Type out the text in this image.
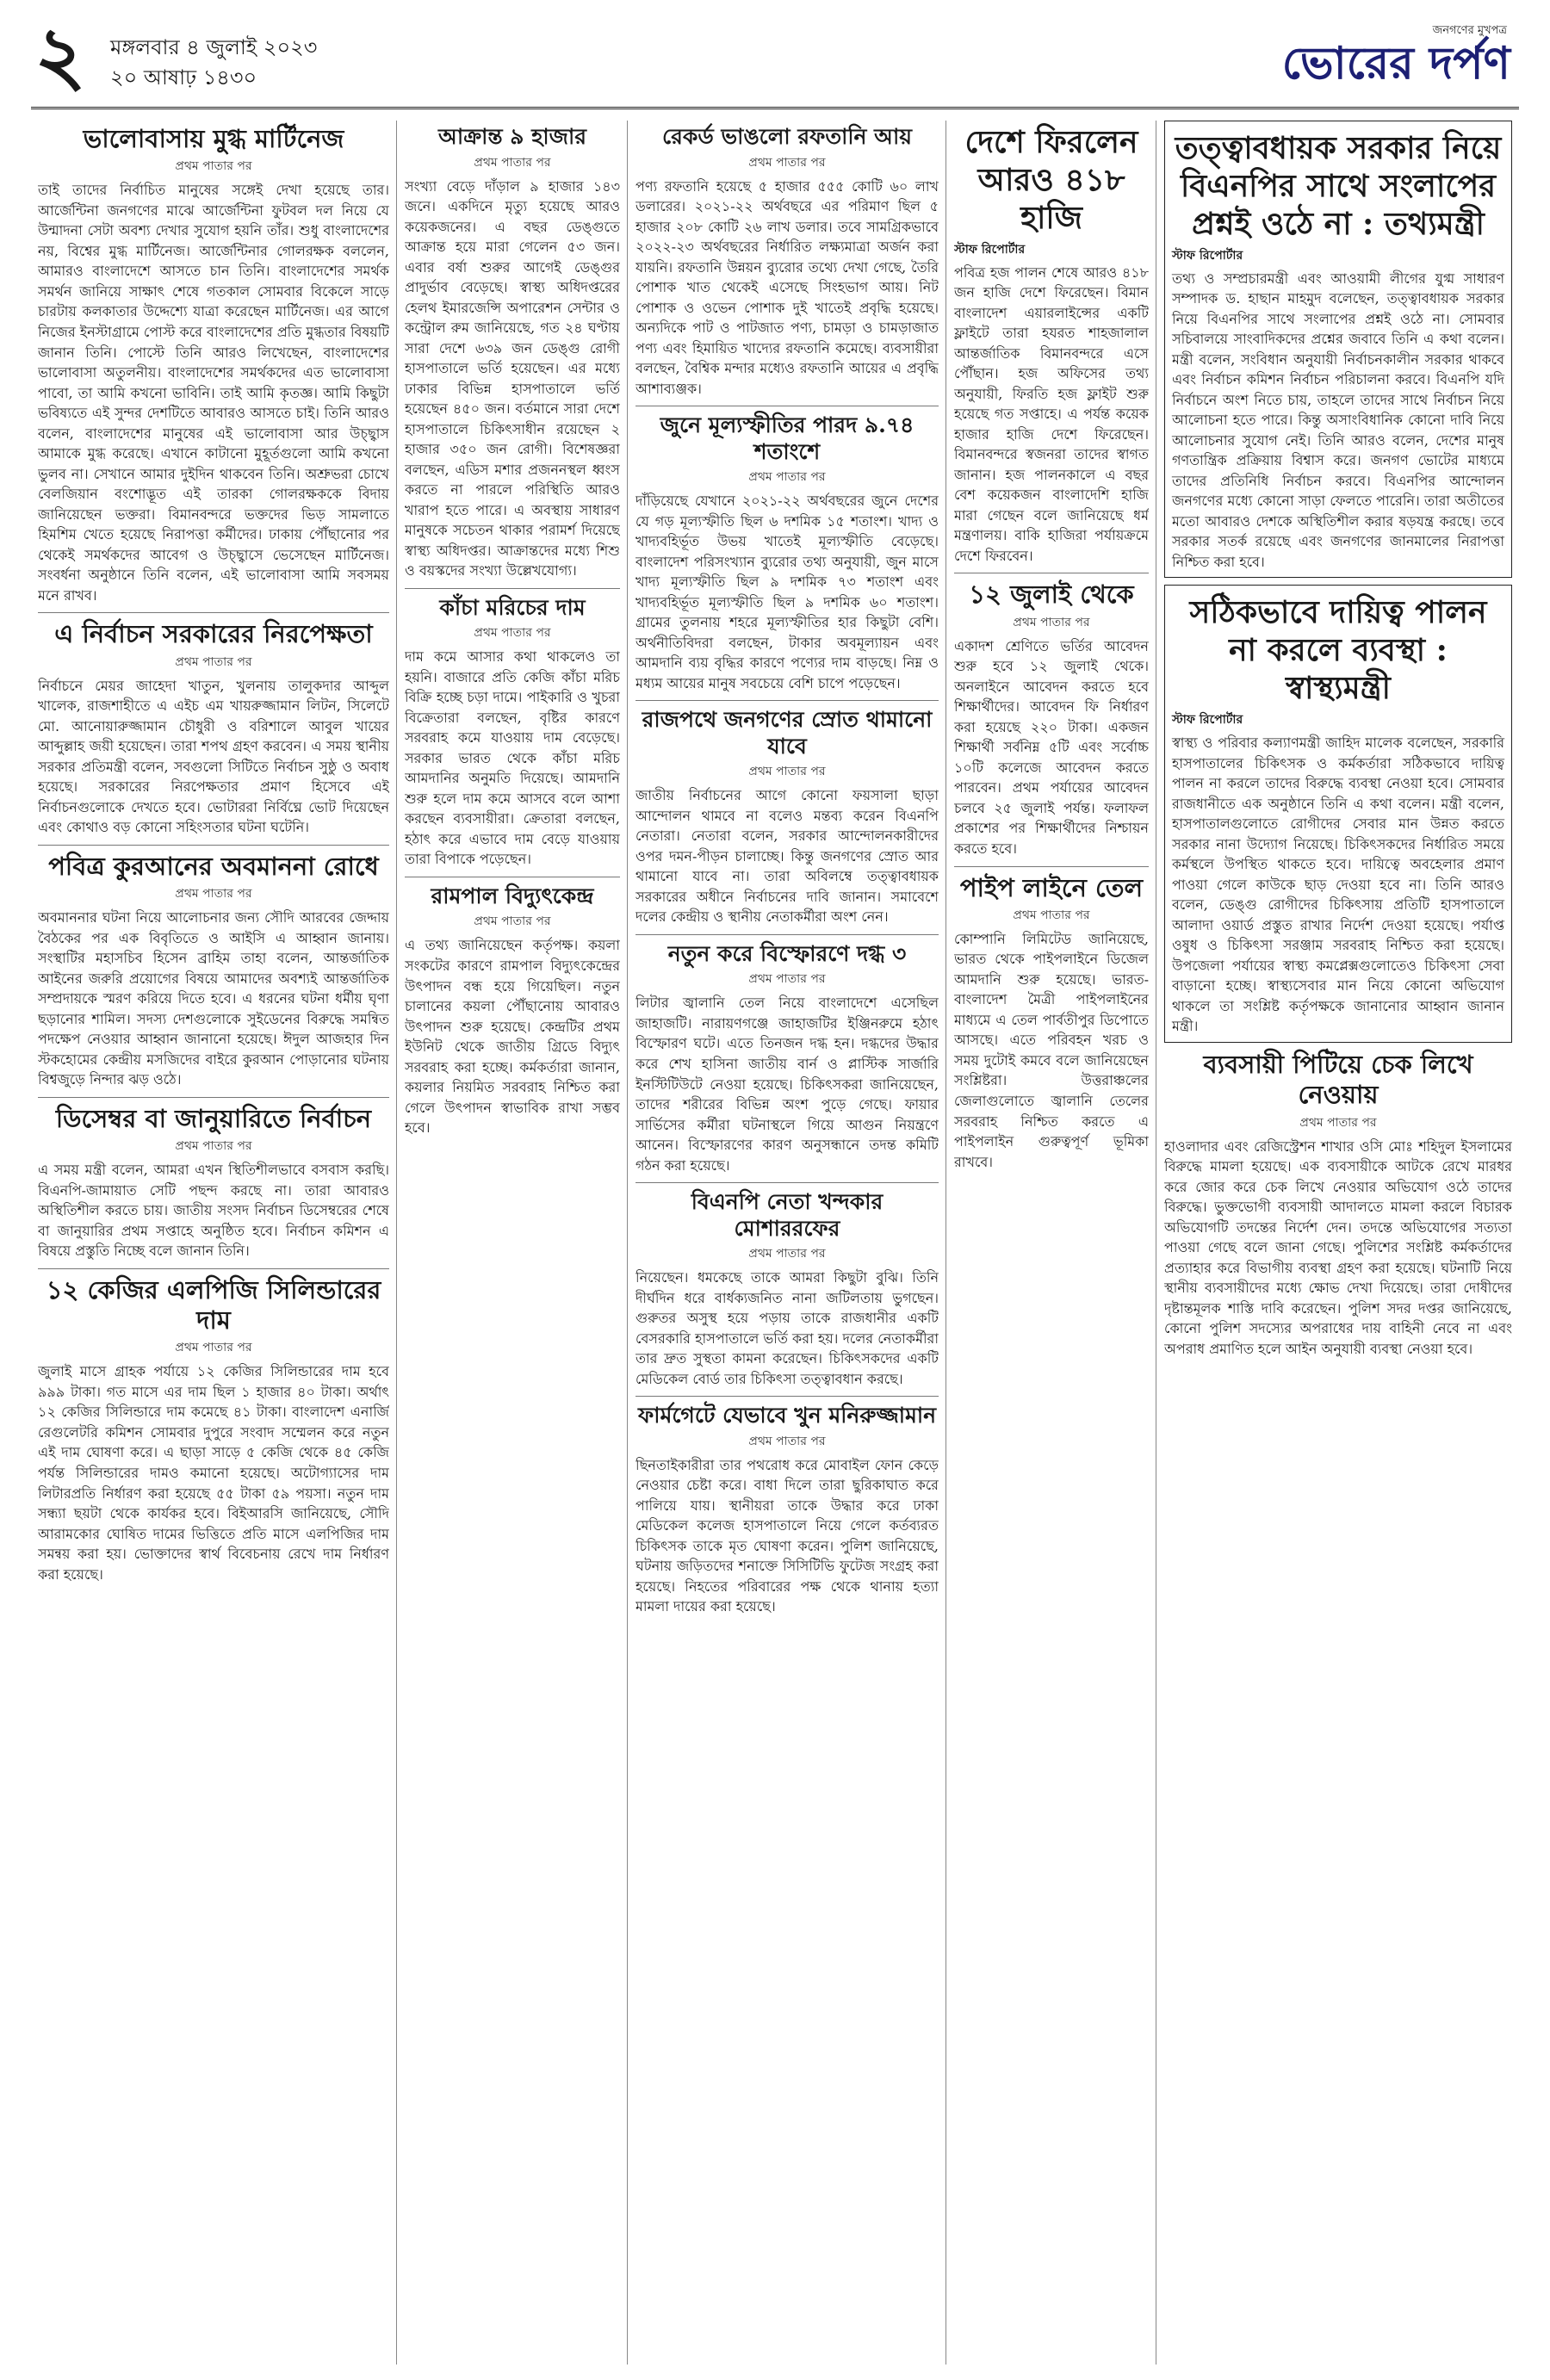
২ মঙ্গলবার ৪ জুলাই ২০২৩
২০ আষাঢ় ১৪৩০
জনগণের মুখপত্র
ভোরের দর্পণ
ভালোবাসায় মুগ্ধ মার্টিনেজ
প্রথম পাতার পর

তাই তাদের নির্বাচিত মানুষের সঙ্গেই দেখা হয়েছে তার। আর্জেন্টিনা জনগণের মাঝে আর্জেন্টিনা ফুটবল দল নিয়ে যে উন্মাদনা সেটা অবশ্য দেখার সুযোগ হয়নি তাঁর। শুধু বাংলাদেশের নয়, বিশ্বের মুগ্ধ মার্টিনেজ। আর্জেন্টিনার গোলরক্ষক বললেন, আমারও বাংলাদেশে আসতে চান তিনি। বাংলাদেশের সমর্থক সমর্থন জানিয়ে সাক্ষাৎ শেষে গতকাল সোমবার বিকেলে সাড়ে চারটায় কলকাতার উদ্দেশ্যে যাত্রা করেছেন মার্টিনেজ। এর আগে নিজের ইনস্টাগ্রামে পোস্ট করে বাংলাদেশের প্রতি মুগ্ধতার বিষয়টি জানান তিনি। পোস্টে তিনি আরও লিখেছেন, বাংলাদেশের ভালোবাসা অতুলনীয়। বাংলাদেশের সমর্থকদের এত ভালোবাসা পাবো, তা আমি কখনো ভাবিনি। তাই আমি কৃতজ্ঞ। আমি কিছুটা ভবিষ্যতে এই সুন্দর দেশটিতে আবারও আসতে চাই। তিনি আরও বলেন, বাংলাদেশের মানুষের এই ভালোবাসা আর উচ্ছ্বাস আমাকে মুগ্ধ করেছে। এখানে কাটানো মুহূর্তগুলো আমি কখনো ভুলব না। সেখানে আমার দুইদিন থাকবেন তিনি। অশ্রুভরা চোখে বেলজিয়ান বংশোদ্ভূত এই তারকা গোলরক্ষককে বিদায় জানিয়েছেন ভক্তরা। বিমানবন্দরে ভক্তদের ভিড় সামলাতে হিমশিম খেতে হয়েছে নিরাপত্তা কর্মীদের। ঢাকায় পৌঁছানোর পর থেকেই সমর্থকদের আবেগ ও উচ্ছ্বাসে ভেসেছেন মার্টিনেজ। সংবর্ধনা অনুষ্ঠানে তিনি বলেন, এই ভালোবাসা আমি সবসময় মনে রাখব।

এ নির্বাচন সরকারের নিরপেক্ষতা
প্রথম পাতার পর

নির্বাচনে মেয়র জাহেদা খাতুন, খুলনায় তালুকদার আব্দুল খালেক, রাজশাহীতে এ এইচ এম খায়রুজ্জামান লিটন, সিলেটে মো. আনোয়ারুজ্জামান চৌধুরী ও বরিশালে আবুল খায়ের আব্দুল্লাহ জয়ী হয়েছেন। তারা শপথ গ্রহণ করবেন। এ সময় স্থানীয় সরকার প্রতিমন্ত্রী বলেন, সবগুলো সিটিতে নির্বাচন সুষ্ঠু ও অবাধ হয়েছে। সরকারের নিরপেক্ষতার প্রমাণ হিসেবে এই নির্বাচনগুলোকে দেখতে হবে। ভোটাররা নির্বিঘ্নে ভোট দিয়েছেন এবং কোথাও বড় কোনো সহিংসতার ঘটনা ঘটেনি।

পবিত্র কুরআনের অবমাননা রোধে
প্রথম পাতার পর

অবমাননার ঘটনা নিয়ে আলোচনার জন্য সৌদি আরবের জেদ্দায় বৈঠকের পর এক বিবৃতিতে ও আইসি এ আহ্বান জানায়। সংস্থাটির মহাসচিব হিসেন ব্রাহিম তাহা বলেন, আন্তর্জাতিক আইনের জরুরি প্রয়োগের বিষয়ে আমাদের অবশ্যই আন্তর্জাতিক সম্প্রদায়কে স্মরণ করিয়ে দিতে হবে। এ ধরনের ঘটনা ধর্মীয় ঘৃণা ছড়ানোর শামিল। সদস্য দেশগুলোকে সুইডেনের বিরুদ্ধে সমন্বিত পদক্ষেপ নেওয়ার আহ্বান জানানো হয়েছে। ঈদুল আজহার দিন স্টকহোমের কেন্দ্রীয় মসজিদের বাইরে কুরআন পোড়ানোর ঘটনায় বিশ্বজুড়ে নিন্দার ঝড় ওঠে।

ডিসেম্বর বা জানুয়ারিতে নির্বাচন
প্রথম পাতার পর

এ সময় মন্ত্রী বলেন, আমরা এখন স্থিতিশীলভাবে বসবাস করছি। বিএনপি-জামায়াত সেটি পছন্দ করছে না। তারা আবারও অস্থিতিশীল করতে চায়। জাতীয় সংসদ নির্বাচন ডিসেম্বরের শেষে বা জানুয়ারির প্রথম সপ্তাহে অনুষ্ঠিত হবে। নির্বাচন কমিশন এ বিষয়ে প্রস্তুতি নিচ্ছে বলে জানান তিনি।

১২ কেজির এলপিজি সিলিন্ডারের দাম
প্রথম পাতার পর

জুলাই মাসে গ্রাহক পর্যায়ে ১২ কেজির সিলিন্ডারের দাম হবে ৯৯৯ টাকা। গত মাসে এর দাম ছিল ১ হাজার ৪০ টাকা। অর্থাৎ ১২ কেজির সিলিন্ডারে দাম কমেছে ৪১ টাকা। বাংলাদেশ এনার্জি রেগুলেটরি কমিশন সোমবার দুপুরে সংবাদ সম্মেলন করে নতুন এই দাম ঘোষণা করে। এ ছাড়া সাড়ে ৫ কেজি থেকে ৪৫ কেজি পর্যন্ত সিলিন্ডারের দামও কমানো হয়েছে। অটোগ্যাসের দাম লিটারপ্রতি নির্ধারণ করা হয়েছে ৫৫ টাকা ৫৯ পয়সা। নতুন দাম সন্ধ্যা ছয়টা থেকে কার্যকর হবে। বিইআরসি জানিয়েছে, সৌদি আরামকোর ঘোষিত দামের ভিত্তিতে প্রতি মাসে এলপিজির দাম সমন্বয় করা হয়। ভোক্তাদের স্বার্থ বিবেচনায় রেখে দাম নির্ধারণ করা হয়েছে।

আক্রান্ত ৯ হাজার
প্রথম পাতার পর

সংখ্যা বেড়ে দাঁড়াল ৯ হাজার ১৪৩ জনে। একদিনে মৃত্যু হয়েছে আরও কয়েকজনের। এ বছর ডেঙ্গুতে আক্রান্ত হয়ে মারা গেলেন ৫৩ জন। এবার বর্ষা শুরুর আগেই ডেঙ্গুর প্রাদুর্ভাব বেড়েছে। স্বাস্থ্য অধিদপ্তরের হেলথ ইমারজেন্সি অপারেশন সেন্টার ও কন্ট্রোল রুম জানিয়েছে, গত ২৪ ঘণ্টায় সারা দেশে ৬৩৯ জন ডেঙ্গু রোগী হাসপাতালে ভর্তি হয়েছেন। এর মধ্যে ঢাকার বিভিন্ন হাসপাতালে ভর্তি হয়েছেন ৪৫০ জন। বর্তমানে সারা দেশে হাসপাতালে চিকিৎসাধীন রয়েছেন ২ হাজার ৩৫০ জন রোগী। বিশেষজ্ঞরা বলছেন, এডিস মশার প্রজননস্থল ধ্বংস করতে না পারলে পরিস্থিতি আরও খারাপ হতে পারে। এ অবস্থায় সাধারণ মানুষকে সচেতন থাকার পরামর্শ দিয়েছে স্বাস্থ্য অধিদপ্তর। আক্রান্তদের মধ্যে শিশু ও বয়স্কদের সংখ্যা উল্লেখযোগ্য।

কাঁচা মরিচের দাম
প্রথম পাতার পর

দাম কমে আসার কথা থাকলেও তা হয়নি। বাজারে প্রতি কেজি কাঁচা মরিচ বিক্রি হচ্ছে চড়া দামে। পাইকারি ও খুচরা বিক্রেতারা বলছেন, বৃষ্টির কারণে সরবরাহ কমে যাওয়ায় দাম বেড়েছে। সরকার ভারত থেকে কাঁচা মরিচ আমদানির অনুমতি দিয়েছে। আমদানি শুরু হলে দাম কমে আসবে বলে আশা করছেন ব্যবসায়ীরা। ক্রেতারা বলছেন, হঠাৎ করে এভাবে দাম বেড়ে যাওয়ায় তারা বিপাকে পড়েছেন।

রামপাল বিদ্যুৎকেন্দ্র
প্রথম পাতার পর

এ তথ্য জানিয়েছেন কর্তৃপক্ষ। কয়লা সংকটের কারণে রামপাল বিদ্যুৎকেন্দ্রের উৎপাদন বন্ধ হয়ে গিয়েছিল। নতুন চালানের কয়লা পৌঁছানোয় আবারও উৎপাদন শুরু হয়েছে। কেন্দ্রটির প্রথম ইউনিট থেকে জাতীয় গ্রিডে বিদ্যুৎ সরবরাহ করা হচ্ছে। কর্মকর্তারা জানান, কয়লার নিয়মিত সরবরাহ নিশ্চিত করা গেলে উৎপাদন স্বাভাবিক রাখা সম্ভব হবে।

রেকর্ড ভাঙলো রফতানি আয়
প্রথম পাতার পর

পণ্য রফতানি হয়েছে ৫ হাজার ৫৫৫ কোটি ৬০ লাখ ডলারের। ২০২১-২২ অর্থবছরে এর পরিমাণ ছিল ৫ হাজার ২০৮ কোটি ২৬ লাখ ডলার। তবে সামগ্রিকভাবে ২০২২-২৩ অর্থবছরের নির্ধারিত লক্ষ্যমাত্রা অর্জন করা যায়নি। রফতানি উন্নয়ন ব্যুরোর তথ্যে দেখা গেছে, তৈরি পোশাক খাত থেকেই এসেছে সিংহভাগ আয়। নিট পোশাক ও ওভেন পোশাক দুই খাতেই প্রবৃদ্ধি হয়েছে। অন্যদিকে পাট ও পাটজাত পণ্য, চামড়া ও চামড়াজাত পণ্য এবং হিমায়িত খাদ্যের রফতানি কমেছে। ব্যবসায়ীরা বলছেন, বৈশ্বিক মন্দার মধ্যেও রফতানি আয়ের এ প্রবৃদ্ধি আশাব্যঞ্জক।

জুনে মূল্যস্ফীতির পারদ ৯.৭৪ শতাংশে
প্রথম পাতার পর

দাঁড়িয়েছে যেখানে ২০২১-২২ অর্থবছরের জুনে দেশের যে গড় মূল্যস্ফীতি ছিল ৬ দশমিক ১৫ শতাংশ। খাদ্য ও খাদ্যবহির্ভূত উভয় খাতেই মূল্যস্ফীতি বেড়েছে। বাংলাদেশ পরিসংখ্যান ব্যুরোর তথ্য অনুযায়ী, জুন মাসে খাদ্য মূল্যস্ফীতি ছিল ৯ দশমিক ৭৩ শতাংশ এবং খাদ্যবহির্ভূত মূল্যস্ফীতি ছিল ৯ দশমিক ৬০ শতাংশ। গ্রামের তুলনায় শহরে মূল্যস্ফীতির হার কিছুটা বেশি। অর্থনীতিবিদরা বলছেন, টাকার অবমূল্যায়ন এবং আমদানি ব্যয় বৃদ্ধির কারণে পণ্যের দাম বাড়ছে। নিম্ন ও মধ্যম আয়ের মানুষ সবচেয়ে বেশি চাপে পড়েছেন।

রাজপথে জনগণের স্রোত থামানো যাবে
প্রথম পাতার পর

জাতীয় নির্বাচনের আগে কোনো ফয়সালা ছাড়া আন্দোলন থামবে না বলেও মন্তব্য করেন বিএনপি নেতারা। নেতারা বলেন, সরকার আন্দোলনকারীদের ওপর দমন-পীড়ন চালাচ্ছে। কিন্তু জনগণের স্রোত আর থামানো যাবে না। তারা অবিলম্বে তত্ত্বাবধায়ক সরকারের অধীনে নির্বাচনের দাবি জানান। সমাবেশে দলের কেন্দ্রীয় ও স্থানীয় নেতাকর্মীরা অংশ নেন।

নতুন করে বিস্ফোরণে দগ্ধ ৩
প্রথম পাতার পর

লিটার জ্বালানি তেল নিয়ে বাংলাদেশে এসেছিল জাহাজটি। নারায়ণগঞ্জে জাহাজটির ইঞ্জিনরুমে হঠাৎ বিস্ফোরণ ঘটে। এতে তিনজন দগ্ধ হন। দগ্ধদের উদ্ধার করে শেখ হাসিনা জাতীয় বার্ন ও প্লাস্টিক সার্জারি ইনস্টিটিউটে নেওয়া হয়েছে। চিকিৎসকরা জানিয়েছেন, তাদের শরীরের বিভিন্ন অংশ পুড়ে গেছে। ফায়ার সার্ভিসের কর্মীরা ঘটনাস্থলে গিয়ে আগুন নিয়ন্ত্রণে আনেন। বিস্ফোরণের কারণ অনুসন্ধানে তদন্ত কমিটি গঠন করা হয়েছে।

বিএনপি নেতা খন্দকার মোশাররফের
প্রথম পাতার পর

নিয়েছেন। ধমকেছে তাকে আমরা কিছুটা বুঝি। তিনি দীর্ঘদিন ধরে বার্ধক্যজনিত নানা জটিলতায় ভুগছেন। গুরুতর অসুস্থ হয়ে পড়ায় তাকে রাজধানীর একটি বেসরকারি হাসপাতালে ভর্তি করা হয়। দলের নেতাকর্মীরা তার দ্রুত সুস্থতা কামনা করেছেন। চিকিৎসকদের একটি মেডিকেল বোর্ড তার চিকিৎসা তত্ত্বাবধান করছে।

ফার্মগেটে যেভাবে খুন মনিরুজ্জামান
প্রথম পাতার পর

ছিনতাইকারীরা তার পথরোধ করে মোবাইল ফোন কেড়ে নেওয়ার চেষ্টা করে। বাধা দিলে তারা ছুরিকাঘাত করে পালিয়ে যায়। স্থানীয়রা তাকে উদ্ধার করে ঢাকা মেডিকেল কলেজ হাসপাতালে নিয়ে গেলে কর্তব্যরত চিকিৎসক তাকে মৃত ঘোষণা করেন। পুলিশ জানিয়েছে, ঘটনায় জড়িতদের শনাক্তে সিসিটিভি ফুটেজ সংগ্রহ করা হয়েছে। নিহতের পরিবারের পক্ষ থেকে থানায় হত্যা মামলা দায়ের করা হয়েছে।

দেশে ফিরলেন আরও ৪১৮ হাজি
স্টাফ রিপোর্টার

পবিত্র হজ পালন শেষে আরও ৪১৮ জন হাজি দেশে ফিরেছেন। বিমান বাংলাদেশ এয়ারলাইন্সের একটি ফ্লাইটে তারা হযরত শাহজালাল আন্তর্জাতিক বিমানবন্দরে এসে পৌঁছান। হজ অফিসের তথ্য অনুযায়ী, ফিরতি হজ ফ্লাইট শুরু হয়েছে গত সপ্তাহে। এ পর্যন্ত কয়েক হাজার হাজি দেশে ফিরেছেন। বিমানবন্দরে স্বজনরা তাদের স্বাগত জানান। হজ পালনকালে এ বছর বেশ কয়েকজন বাংলাদেশি হাজি মারা গেছেন বলে জানিয়েছে ধর্ম মন্ত্রণালয়। বাকি হাজিরা পর্যায়ক্রমে দেশে ফিরবেন।

১২ জুলাই থেকে
প্রথম পাতার পর

একাদশ শ্রেণিতে ভর্তির আবেদন শুরু হবে ১২ জুলাই থেকে। অনলাইনে আবেদন করতে হবে শিক্ষার্থীদের। আবেদন ফি নির্ধারণ করা হয়েছে ২২০ টাকা। একজন শিক্ষার্থী সর্বনিম্ন ৫টি এবং সর্বোচ্চ ১০টি কলেজে আবেদন করতে পারবেন। প্রথম পর্যায়ের আবেদন চলবে ২৫ জুলাই পর্যন্ত। ফলাফল প্রকাশের পর শিক্ষার্থীদের নিশ্চায়ন করতে হবে।

পাইপ লাইনে তেল
প্রথম পাতার পর

কোম্পানি লিমিটেড জানিয়েছে, ভারত থেকে পাইপলাইনে ডিজেল আমদানি শুরু হয়েছে। ভারত-বাংলাদেশ মৈত্রী পাইপলাইনের মাধ্যমে এ তেল পার্বতীপুর ডিপোতে আসছে। এতে পরিবহন খরচ ও সময় দুটোই কমবে বলে জানিয়েছেন সংশ্লিষ্টরা। উত্তরাঞ্চলের জেলাগুলোতে জ্বালানি তেলের সরবরাহ নিশ্চিত করতে এ পাইপলাইন গুরুত্বপূর্ণ ভূমিকা রাখবে।

তত্ত্বাবধায়ক সরকার নিয়ে বিএনপির সাথে সংলাপের প্রশ্নই ওঠে না : তথ্যমন্ত্রী
স্টাফ রিপোর্টার

তথ্য ও সম্প্রচারমন্ত্রী এবং আওয়ামী লীগের যুগ্ম সাধারণ সম্পাদক ড. হাছান মাহমুদ বলেছেন, তত্ত্বাবধায়ক সরকার নিয়ে বিএনপির সাথে সংলাপের প্রশ্নই ওঠে না। সোমবার সচিবালয়ে সাংবাদিকদের প্রশ্নের জবাবে তিনি এ কথা বলেন। মন্ত্রী বলেন, সংবিধান অনুযায়ী নির্বাচনকালীন সরকার থাকবে এবং নির্বাচন কমিশন নির্বাচন পরিচালনা করবে। বিএনপি যদি নির্বাচনে অংশ নিতে চায়, তাহলে তাদের সাথে নির্বাচন নিয়ে আলোচনা হতে পারে। কিন্তু অসাংবিধানিক কোনো দাবি নিয়ে আলোচনার সুযোগ নেই। তিনি আরও বলেন, দেশের মানুষ গণতান্ত্রিক প্রক্রিয়ায় বিশ্বাস করে। জনগণ ভোটের মাধ্যমে তাদের প্রতিনিধি নির্বাচন করবে। বিএনপির আন্দোলন জনগণের মধ্যে কোনো সাড়া ফেলতে পারেনি। তারা অতীতের মতো আবারও দেশকে অস্থিতিশীল করার ষড়যন্ত্র করছে। তবে সরকার সতর্ক রয়েছে এবং জনগণের জানমালের নিরাপত্তা নিশ্চিত করা হবে।

সঠিকভাবে দায়িত্ব পালন না করলে ব্যবস্থা : স্বাস্থ্যমন্ত্রী
স্টাফ রিপোর্টার

স্বাস্থ্য ও পরিবার কল্যাণমন্ত্রী জাহিদ মালেক বলেছেন, সরকারি হাসপাতালের চিকিৎসক ও কর্মকর্তারা সঠিকভাবে দায়িত্ব পালন না করলে তাদের বিরুদ্ধে ব্যবস্থা নেওয়া হবে। সোমবার রাজধানীতে এক অনুষ্ঠানে তিনি এ কথা বলেন। মন্ত্রী বলেন, হাসপাতালগুলোতে রোগীদের সেবার মান উন্নত করতে সরকার নানা উদ্যোগ নিয়েছে। চিকিৎসকদের নির্ধারিত সময়ে কর্মস্থলে উপস্থিত থাকতে হবে। দায়িত্বে অবহেলার প্রমাণ পাওয়া গেলে কাউকে ছাড় দেওয়া হবে না। তিনি আরও বলেন, ডেঙ্গু রোগীদের চিকিৎসায় প্রতিটি হাসপাতালে আলাদা ওয়ার্ড প্রস্তুত রাখার নির্দেশ দেওয়া হয়েছে। পর্যাপ্ত ওষুধ ও চিকিৎসা সরঞ্জাম সরবরাহ নিশ্চিত করা হয়েছে। উপজেলা পর্যায়ের স্বাস্থ্য কমপ্লেক্সগুলোতেও চিকিৎসা সেবা বাড়ানো হচ্ছে। স্বাস্থ্যসেবার মান নিয়ে কোনো অভিযোগ থাকলে তা সংশ্লিষ্ট কর্তৃপক্ষকে জানানোর আহ্বান জানান মন্ত্রী।

ব্যবসায়ী পিটিয়ে চেক লিখে নেওয়ায়
প্রথম পাতার পর

হাওলাদার এবং রেজিস্ট্রেশন শাখার ওসি মোঃ শহিদুল ইসলামের বিরুদ্ধে মামলা হয়েছে। এক ব্যবসায়ীকে আটকে রেখে মারধর করে জোর করে চেক লিখে নেওয়ার অভিযোগ ওঠে তাদের বিরুদ্ধে। ভুক্তভোগী ব্যবসায়ী আদালতে মামলা করলে বিচারক অভিযোগটি তদন্তের নির্দেশ দেন। তদন্তে অভিযোগের সত্যতা পাওয়া গেছে বলে জানা গেছে। পুলিশের সংশ্লিষ্ট কর্মকর্তাদের প্রত্যাহার করে বিভাগীয় ব্যবস্থা গ্রহণ করা হয়েছে। ঘটনাটি নিয়ে স্থানীয় ব্যবসায়ীদের মধ্যে ক্ষোভ দেখা দিয়েছে। তারা দোষীদের দৃষ্টান্তমূলক শাস্তি দাবি করেছেন। পুলিশ সদর দপ্তর জানিয়েছে, কোনো পুলিশ সদস্যের অপরাধের দায় বাহিনী নেবে না এবং অপরাধ প্রমাণিত হলে আইন অনুযায়ী ব্যবস্থা নেওয়া হবে।
